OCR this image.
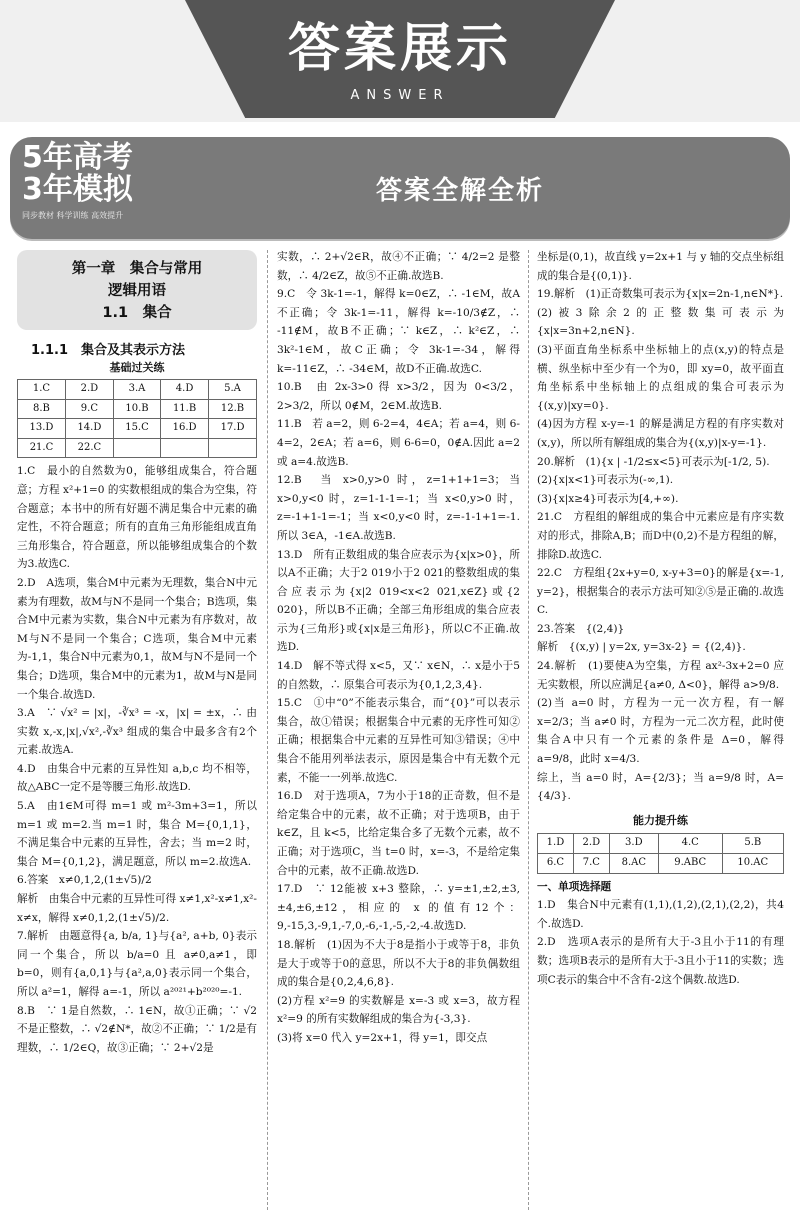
答案展示
ANSWER
5年高考
3年模拟
同步教材 科学训练 高效提升
答案全解全析
第一章　集合与常用
逻辑用语
1.1　集合
1.1.1　集合及其表示方法
基础过关练
1.C	2.D	3.A	4.D	5.A
8.B	9.C	10.B	11.B	12.B
13.D	14.D	15.C	16.D	17.D
21.C	22.C			

1.C　最小的自然数为0，能够组成集合，符合题意；方程 x²+1=0 的实数根组成的集合为空集，符合题意；本书中的所有好题不满足集合中元素的确定性，不符合题意；所有的直角三角形能组成直角三角形集合，符合题意，所以能够组成集合的个数为3.故选C.

2.D　A选项，集合M中元素为无理数，集合N中元素为有理数，故M与N不是同一个集合；B选项，集合M中元素为实数，集合N中元素为有序数对，故M与N不是同一个集合；C选项，集合M中元素为-1,1，集合N中元素为0,1，故M与N不是同一个集合；D选项，集合M中的元素为1，故M与N是同一个集合.故选D.

3.A　∵ √x² = |x|，-∛x³ = -x，|x| = ±x，∴ 由实数 x,-x,|x|,√x²,-∛x³ 组成的集合中最多含有2个元素.故选A.

4.D　由集合中元素的互异性知 a,b,c 均不相等，故△ABC一定不是等腰三角形.故选D.

5.A　由1∈M可得 m=1 或 m²-3m+3=1，所以 m=1 或 m=2.当 m=1 时，集合 M={0,1,1}，不满足集合中元素的互异性，舍去；当 m=2 时，集合 M={0,1,2}，满足题意，所以 m=2.故选A.

6.答案　x≠0,1,2,(1±√5)/2

解析　由集合中元素的互异性可得 x≠1,x²-x≠1,x²-x≠x，解得 x≠0,1,2,(1±√5)/2.

7.解析　由题意得{a, b/a, 1}与{a², a+b, 0}表示同一个集合，所以 b/a=0 且 a≠0,a≠1，即 b=0，则有{a,0,1}与{a²,a,0}表示同一个集合，所以 a²=1，解得 a=-1，所以 a²⁰²¹+b²⁰²⁰=-1.

8.B　∵ 1是自然数，∴ 1∈N，故①正确；∵ √2不是正整数，∴ √2∉N*，故②不正确；∵ 1/2是有理数，∴ 1/2∈Q，故③正确；∵ 2+√2是

实数，∴ 2+√2∈R，故④不正确；∵ 4/2=2 是整数，∴ 4/2∈Z，故⑤不正确.故选B.

9.C　令 3k-1=-1，解得 k=0∈Z，∴ -1∈M，故A不正确；令 3k-1=-11，解得 k=-10/3∉Z，∴ -11∉M，故B不正确；∵ k∈Z，∴ k²∈Z，∴ 3k²-1∈M，故C正确；令 3k-1=-34，解得 k=-11∈Z，∴ -34∈M，故D不正确.故选C.

10.B　由 2x-3>0 得 x>3/2，因为 0<3/2，2>3/2，所以 0∉M，2∈M.故选B.

11.B　若 a=2，则 6-2=4，4∈A；若 a=4，则 6-4=2，2∈A；若 a=6，则 6-6=0，0∉A.因此 a=2 或 a=4.故选B.

12.B　当 x>0,y>0 时，z=1+1+1=3；当 x>0,y<0 时，z=1-1-1=-1；当 x<0,y>0 时，z=-1+1-1=-1；当 x<0,y<0 时，z=-1-1+1=-1.所以 3∈A，-1∈A.故选B.

13.D　所有正数组成的集合应表示为{x|x>0}，所以A不正确；大于2 019小于2 021的整数组成的集合应表示为{x|2 019<x<2 021,x∈Z}或{2 020}，所以B不正确；全部三角形组成的集合应表示为{三角形}或{x|x是三角形}，所以C不正确.故选D.

14.D　解不等式得 x<5，又∵ x∈N，∴ x是小于5的自然数，∴ 原集合可表示为{0,1,2,3,4}.

15.C　①中“0”不能表示集合，而“{0}”可以表示集合，故①错误；根据集合中元素的无序性可知②正确；根据集合中元素的互异性可知③错误；④中集合不能用列举法表示，原因是集合中有无数个元素，不能一一列举.故选C.

16.D　对于选项A，7为小于18的正奇数，但不是给定集合中的元素，故不正确；对于选项B，由于 k∈Z，且 k<5，比给定集合多了无数个元素，故不正确；对于选项C，当 t=0 时，x=-3，不是给定集合中的元素，故不正确.故选D.

17.D　∵ 12能被 x+3 整除，∴ y=±1,±2,±3,±4,±6,±12，相应的 x 的值有12个：9,-15,3,-9,1,-7,0,-6,-1,-5,-2,-4.故选D.

18.解析　(1)因为不大于8是指小于或等于8，非负是大于或等于0的意思，所以不大于8的非负偶数组成的集合是{0,2,4,6,8}.

(2)方程 x²=9 的实数解是 x=-3 或 x=3，故方程 x²=9 的所有实数解组成的集合为{-3,3}.

(3)将 x=0 代入 y=2x+1，得 y=1，即交点

坐标是(0,1)，故直线 y=2x+1 与 y 轴的交点坐标组成的集合是{(0,1)}.

19.解析　(1)正奇数集可表示为{x|x=2n-1,n∈N*}.

(2)被3除余2的正整数集可表示为{x|x=3n+2,n∈N}.

(3)平面直角坐标系中坐标轴上的点(x,y)的特点是横、纵坐标中至少有一个为0，即 xy=0，故平面直角坐标系中坐标轴上的点组成的集合可表示为{(x,y)|xy=0}.

(4)因为方程 x-y=-1 的解是满足方程的有序实数对(x,y)，所以所有解组成的集合为{(x,y)|x-y=-1}.

20.解析　(1){x | -1/2≤x<5}可表示为[-1/2, 5).

(2){x|x<1}可表示为(-∞,1).

(3){x|x≥4}可表示为[4,+∞).

21.C　方程组的解组成的集合中元素应是有序实数对的形式，排除A,B；而D中(0,2)不是方程组的解，排除D.故选C.

22.C　方程组{2x+y=0, x-y+3=0}的解是{x=-1, y=2}，根据集合的表示方法可知②⑤是正确的.故选C.

23.答案　{(2,4)}

解析　{(x,y) | y=2x, y=3x-2} = {(2,4)}.

24.解析　(1)要使A为空集，方程 ax²-3x+2=0 应无实数根，所以应满足{a≠0, Δ<0}，解得 a>9/8.

(2)当 a=0 时，方程为一元一次方程，有一解 x=2/3；当 a≠0 时，方程为一元二次方程，此时使集合A中只有一个元素的条件是 Δ=0，解得 a=9/8，此时 x=4/3.

综上，当 a=0 时，A={2/3}；当 a=9/8 时，A={4/3}.

能力提升练
1.D	2.D	3.D	4.C	5.B
6.C	7.C	8.AC	9.ABC	10.AC
一、单项选择题

1.D　集合N中元素有(1,1),(1,2),(2,1),(2,2)，共4个.故选D.

2.D　选项A表示的是所有大于-3且小于11的有理数；选项B表示的是所有大于-3且小于11的实数；选项C表示的集合中不含有-2这个偶数.故选D.
